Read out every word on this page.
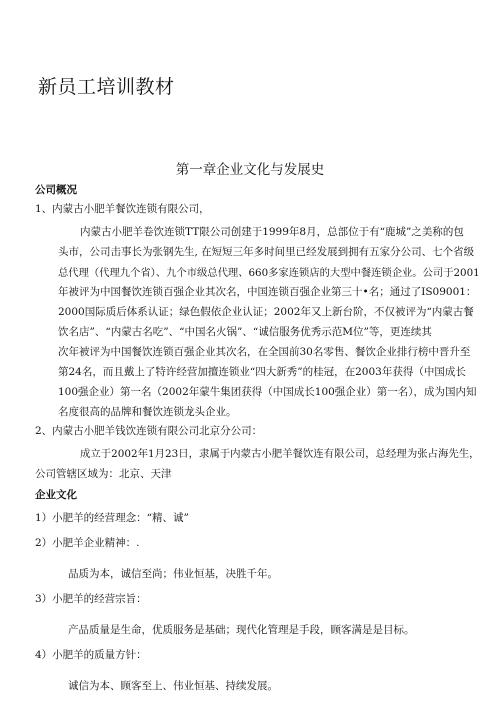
新员工培训教材
第一章企业文化与发展史
公司概况
1、内蒙古小肥羊餐饮连锁有限公司，
内蒙古小肥羊卷饮连锁TT限公司创建于1999年8月，总部位于有“鹿城”之美称的包
头市，公司击事长为张钢先生, 在短短三年多时间里已经发展到拥有五家分公司、七个省级
总代理（代理九个省）、九个市级总代理、660多家连锁店的大型中餐连锁企业。公司于2001
年被评为中国餐饮连锁百强企业其次名，中国连锁百强企业第三十•名；通过了IS09001：
2000国际质后体系认证；绿色假依企业认证；2002年又上新台阶，不仅被评为“内蒙古餐
饮名店”、“内蒙古名吃”、“中国名火锅”、“诚信服务优秀示范M位”等，更连续其
次年被评为中国餐饮连锁百强企业其次名，在全国前30名零售、餐饮企业排行榜中晋升至
第24名，而且戴上了特许经营加擅连锁业“四大新秀”的桂冠，在2003年获得（中国成长
100强企业）第一名（2002年蒙牛集团获得（中国成长100强企业）第一名），成为国内知
名度很高的品牌和餐饮连锁龙头企业。
2、内蒙古小肥羊钱饮连锁有限公司北京分公司：
成立于2002年1月23日，隶属于内蒙古小肥羊餐饮连有限公司，总经理为张占海先生，
公司管辖区域为：北京、天津
企业文化
1）小肥羊的经营理念：“精、诚”
2）小肥羊企业精神：.
品质为本，诚信至尚；伟业恒基，决胜千年。
3）小肥羊的经营宗旨：
产品质量是生命，优质服务是基础；现代化管理是手段，顾客满是是目标。
4）小肥羊的质量方针：
诚信为本、顾客至上、伟业恒基、持续发展。
